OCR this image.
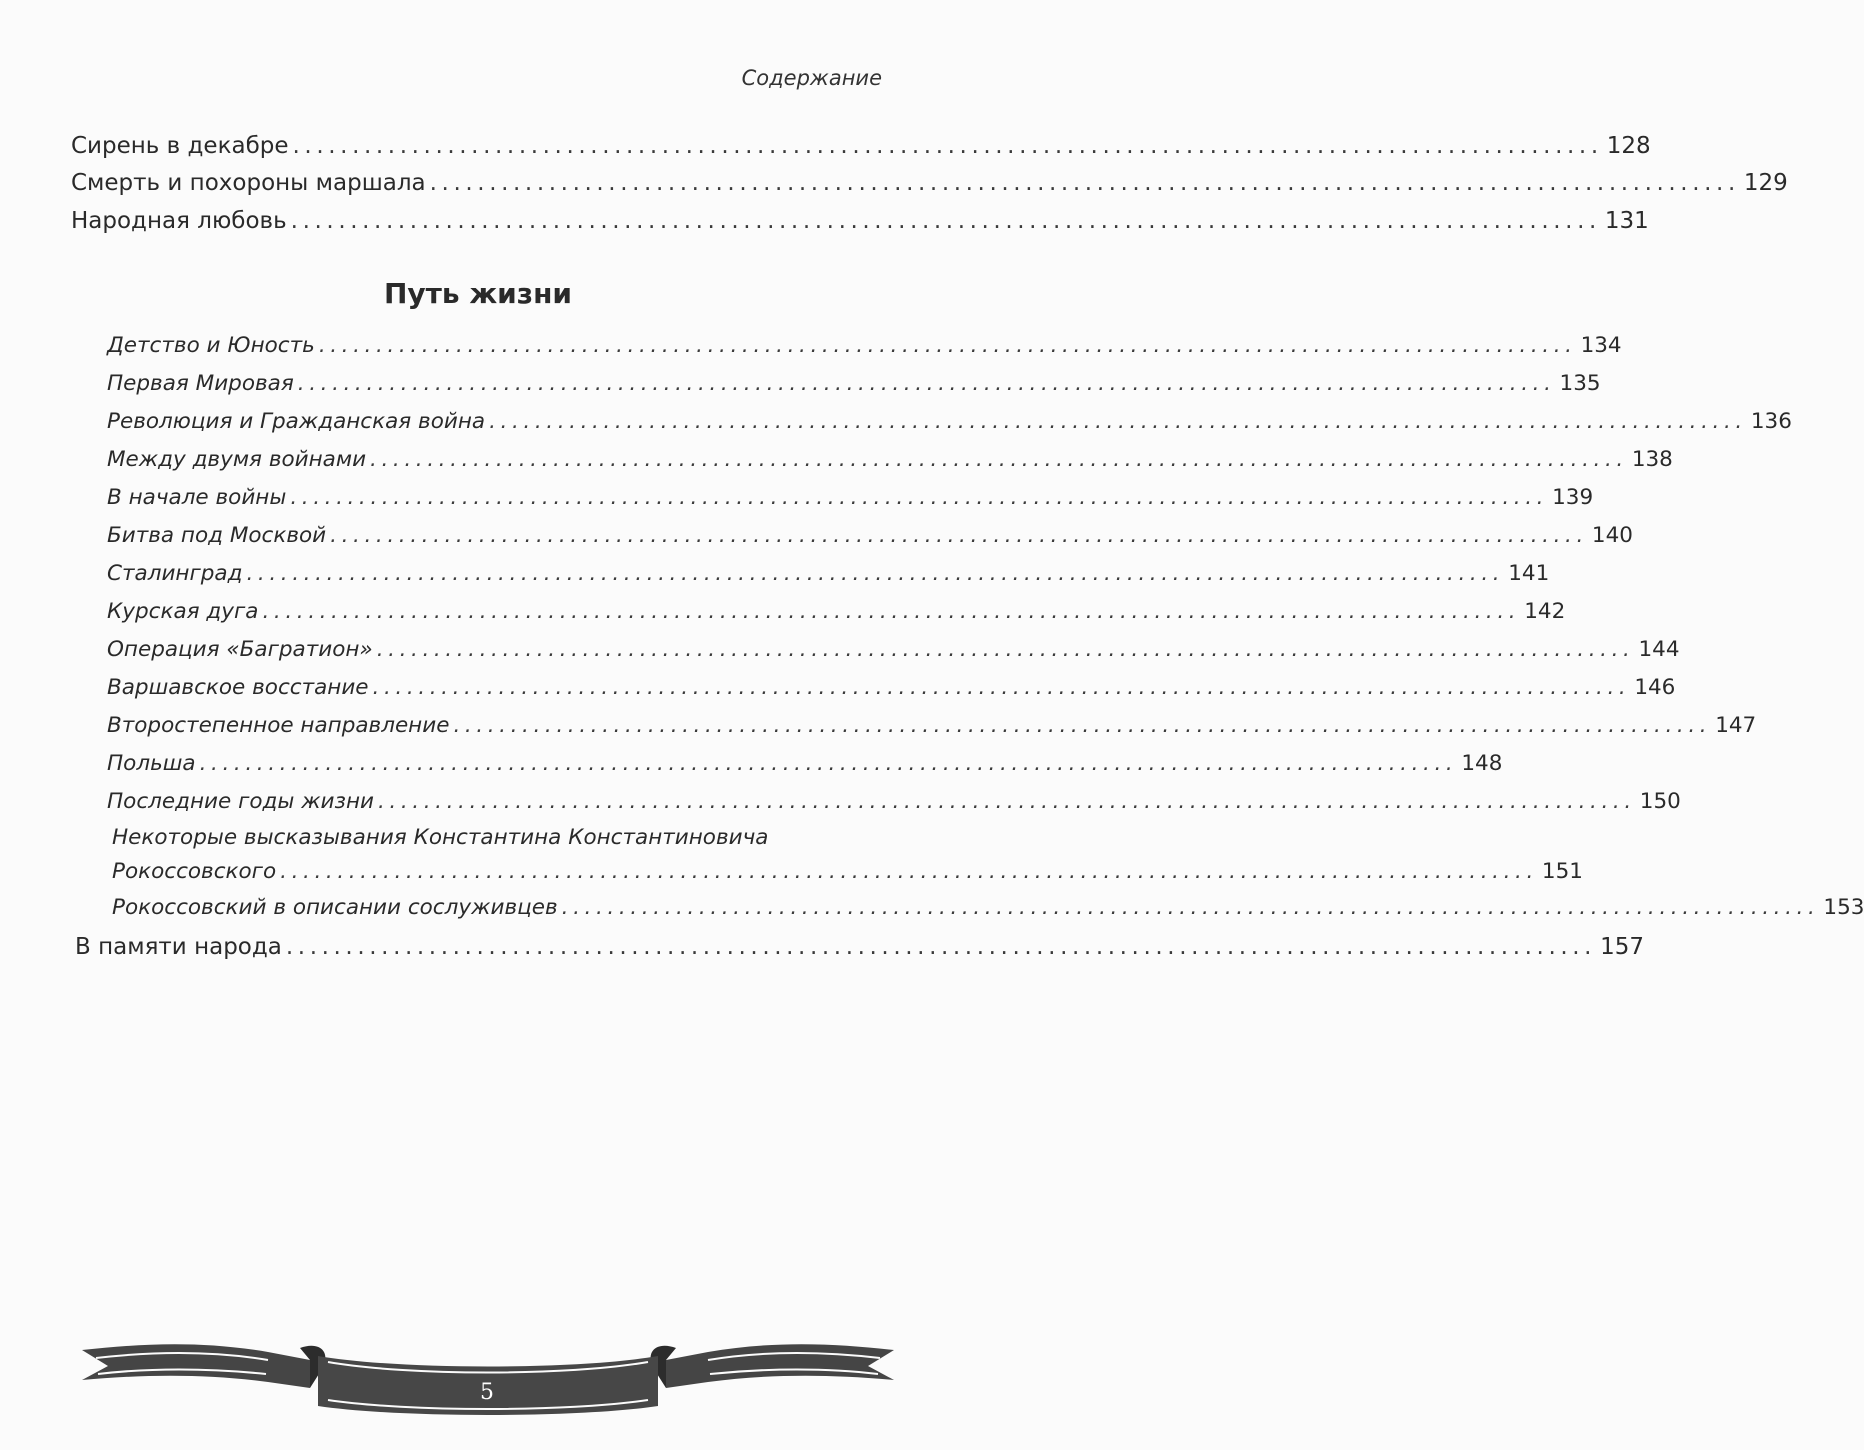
Содержание
Сирень в декабре .............................................................................................................. 128
Смерть и похороны маршала .............................................................................................................. 129
Народная любовь .............................................................................................................. 131
Путь жизни
Детство и Юность .............................................................................................................. 134
Первая Мировая .............................................................................................................. 135
Революция и Гражданская война .............................................................................................................. 136
Между двумя войнами .............................................................................................................. 138
В начале войны .............................................................................................................. 139
Битва под Москвой .............................................................................................................. 140
Сталинград .............................................................................................................. 141
Курская дуга .............................................................................................................. 142
Операция «Багратион» .............................................................................................................. 144
Варшавское восстание .............................................................................................................. 146
Второстепенное направление .............................................................................................................. 147
Польша .............................................................................................................. 148
Последние годы жизни .............................................................................................................. 150
Некоторые высказывания Константина Константиновича
Рокоссовского .............................................................................................................. 151
Рокоссовский в описании сослуживцев .............................................................................................................. 153
В памяти народа .............................................................................................................. 157
5
